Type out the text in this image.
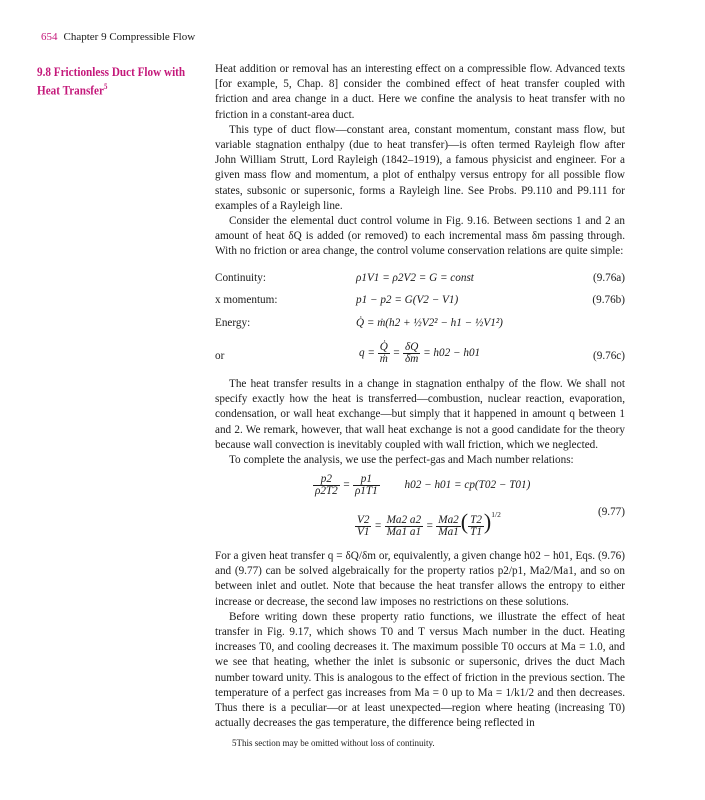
654 Chapter 9 Compressible Flow
9.8 Frictionless Duct Flow with
Heat Transfer$^5$

Heat addition or removal has an interesting effect on a compressible flow. Advanced texts [for example, 5, Chap. 8] consider the combined effect of heat transfer coupled with friction and area change in a duct. Here we confine the analysis to heat transfer with no friction in a constant-area duct.

This type of duct flow—constant area, constant momentum, constant mass flow, but variable stagnation enthalpy (due to heat transfer)—is often termed Rayleigh flow after John William Strutt, Lord Rayleigh (1842–1919), a famous physicist and engineer. For a given mass flow and momentum, a plot of enthalpy versus entropy for all possible flow states, subsonic or supersonic, forms a Rayleigh line. See Probs. P9.110 and P9.111 for examples of a Rayleigh line.

Consider the elemental duct control volume in Fig. 9.16. Between sections 1 and 2 an amount of heat δQ is added (or removed) to each incremental mass δm passing through. With no friction or area change, the control volume conservation relations are quite simple:

Continuity:	ρ1V1 = ρ2V2 = G = const	(9.76a)
x momentum:	p1 − p2 = G(V2 − V1)	(9.76b)
Energy:	Q̇ = ṁ(h2 + ½V2² − h1 − ½V1²)
or	$q = \frac{Q̇}{\text{ṁ}} = \frac{\delta Q}{\delta m} = h02 - h01$	(9.76c)

The heat transfer results in a change in stagnation enthalpy of the flow. We shall not specify exactly how the heat is transferred—combustion, nuclear reaction, evaporation, condensation, or wall heat exchange—but simply that it happened in amount q between 1 and 2. We remark, however, that wall heat exchange is not a good candidate for the theory because wall convection is inevitably coupled with wall friction, which we neglected.

To complete the analysis, we use the perfect-gas and Mach number relations:

$\frac{p2}{\rho 2T2} = \frac{p1}{\rho 1T1} h02 - h01 = cp(T02 - T01)$
$\frac{V2}{V1} = \frac{Ma2 a2}{Ma1 a1} = \frac{Ma2}{Ma1}$ ( $\frac{T2}{T1} )^{1/2}$	(9.77)

For a given heat transfer q = δQ/δm or, equivalently, a given change h02 − h01, Eqs. (9.76) and (9.77) can be solved algebraically for the property ratios p2/p1, Ma2/Ma1, and so on between inlet and outlet. Note that because the heat transfer allows the entropy to either increase or decrease, the second law imposes no restrictions on these solutions.

Before writing down these property ratio functions, we illustrate the effect of heat transfer in Fig. 9.17, which shows T0 and T versus Mach number in the duct. Heating increases T0, and cooling decreases it. The maximum possible T0 occurs at Ma = 1.0, and we see that heating, whether the inlet is subsonic or supersonic, drives the duct Mach number toward unity. This is analogous to the effect of friction in the previous section. The temperature of a perfect gas increases from Ma = 0 up to Ma = 1/k1/2 and then decreases. Thus there is a peculiar—or at least unexpected—region where heating (increasing T0) actually decreases the gas temperature, the difference being reflected in

5This section may be omitted without loss of continuity.
